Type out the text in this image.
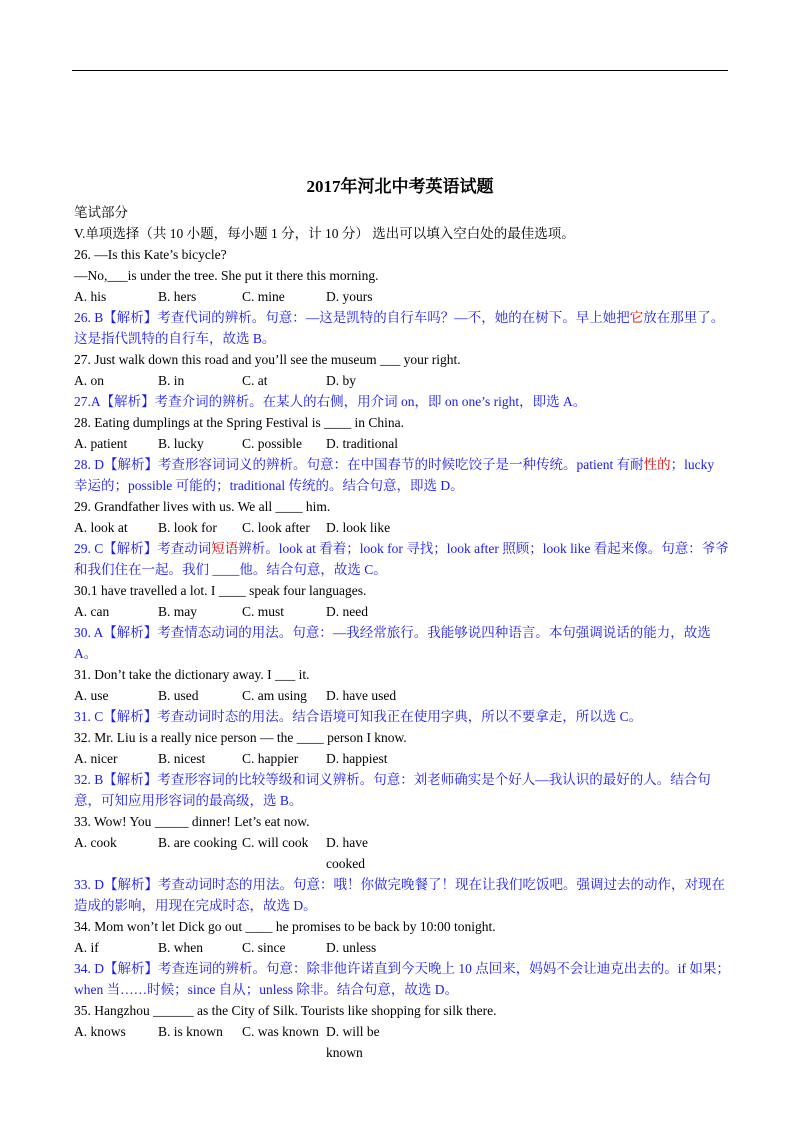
2017年河北中考英语试题
笔试部分
V.单项选择（共 10 小题，每小题 1 分，计 10 分） 选出可以填入空白处的最佳选项。
26. —Is this Kate’s bicycle?
—No,___is under the tree. She put it there this morning.
A. his	B. hers	C. mine	D. yours
26. B【解析】考查代词的辨析。句意：—这是凯特的自行车吗？—不，她的在树下。早上她把它放在那里了。这是指代凯特的自行车，故选 B。
27. Just walk down this road and you’ll see the museum ___ your right.
A. on	B. in	C. at	D. by
27.A【解析】考查介词的辨析。在某人的右侧，用介词 on，即 on one’s right，即选 A。
28. Eating dumplings at the Spring Festival is ____ in China.
A. patient	B. lucky	C. possible	D. traditional
28. D【解析】考查形容词词义的辨析。句意：在中国春节的时候吃饺子是一种传统。patient 有耐性的；lucky 幸运的；possible 可能的；traditional 传统的。结合句意，即选 D。
29. Grandfather lives with us. We all ____ him.
A. look at	B. look for	C. look after	D. look like
29. C【解析】考查动词短语辨析。look at 看着；look for 寻找；look after 照顾；look like 看起来像。句意：爷爷和我们住在一起。我们 ____他。结合句意，故选 C。
30.1 have travelled a lot. I ____ speak four languages.
A. can	B. may	C. must	D. need
30. A【解析】考查情态动词的用法。句意：—我经常旅行。我能够说四种语言。本句强调说话的能力，故选 A。
31. Don’t take the dictionary away. I ___ it.
A. use	B. used	C. am using	D. have used
31. C【解析】考查动词时态的用法。结合语境可知我正在使用字典，所以不要拿走，所以选 C。
32. Mr. Liu is a really nice person — the ____ person I know.
A. nicer	B. nicest	C. happier	D. happiest
32. B【解析】考查形容词的比较等级和词义辨析。句意：刘老师确实是个好人—我认识的最好的人。结合句意，可知应用形容词的最高级，选 B。
33. Wow! You _____ dinner! Let’s eat now.
A. cook	B. are cooking C. will cook	D. have cooked
33. D【解析】考查动词时态的用法。句意：哦！你做完晚餐了！现在让我们吃饭吧。强调过去的动作，对现在造成的影响，用现在完成时态，故选 D。
34. Mom won’t let Dick go out ____ he promises to be back by 10:00 tonight.
A. if	B. when	C. since	D. unless
34. D【解析】考查连词的辨析。句意：除非他许诺直到今天晚上 10 点回来，妈妈不会让迪克出去的。if 如果；when 当……时候；since 自从；unless 除非。结合句意，故选 D。
35. Hangzhou ______ as the City of Silk. Tourists like shopping for silk there.
A. knows	B. is known	C. was known D. will be known
